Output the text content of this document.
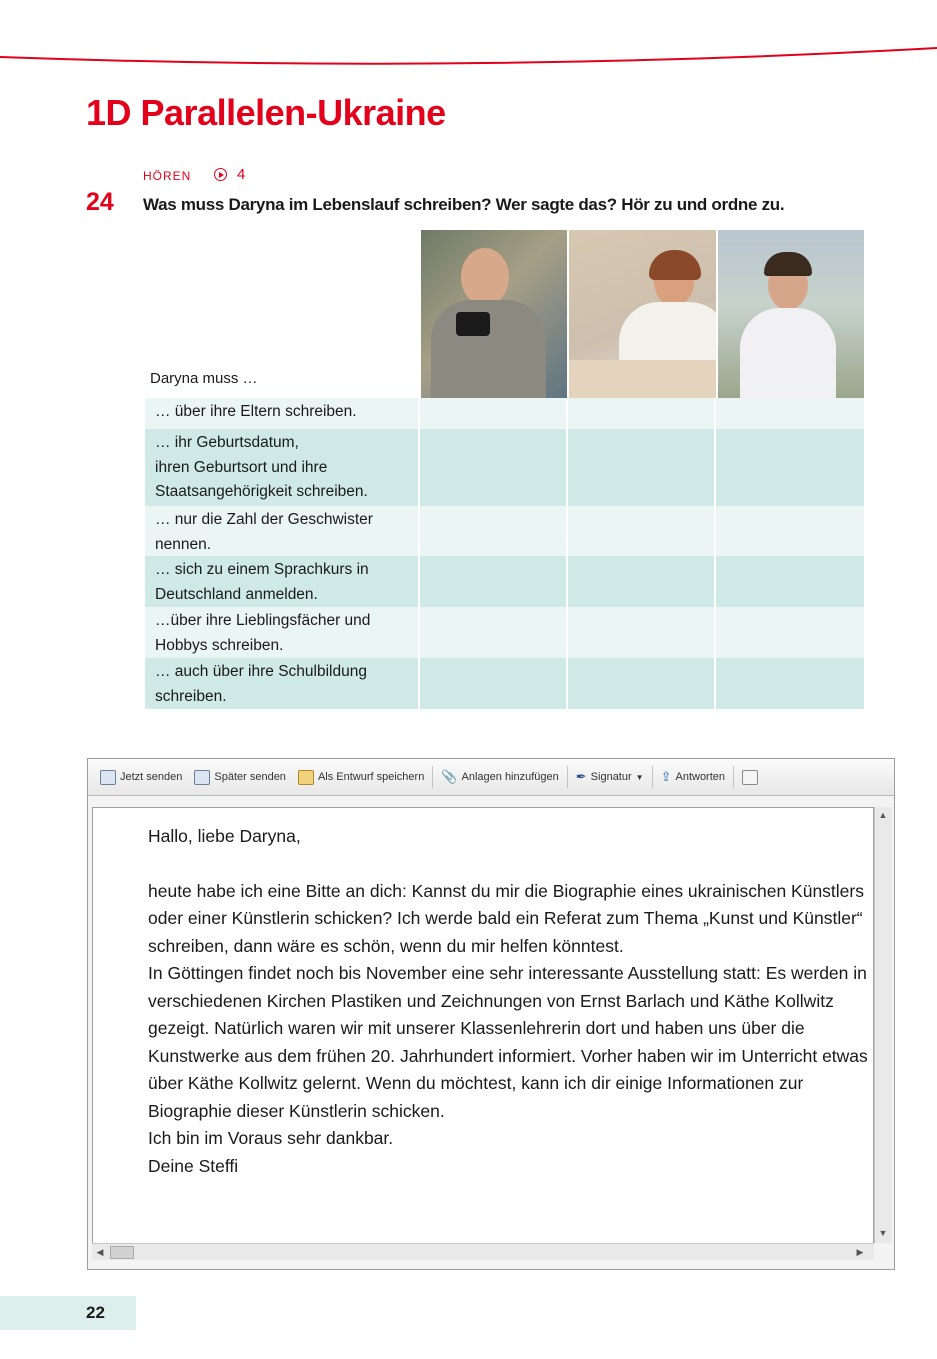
1D Parallelen-Ukraine
HÖREN	4
24 Was muss Daryna im Lebenslauf schreiben? Wer sagte das? Hör zu und ordne zu.
Daryna muss …
… über ihre Eltern schreiben.
… ihr Geburtsdatum,
ihren Geburtsort und ihre Staatsangehörigkeit schreiben.
… nur die Zahl der Geschwister nennen.
… sich zu einem Sprachkurs in Deutschland anmelden.
…über ihre Lieblingsfächer und Hobbys schreiben.
… auch über ihre Schulbildung schreiben.
Jetzt senden	Später senden	Als Entwurf speichern 📎 Anlagen hinzufügen ✒ Signatur ▼ ⇪ Antworten
Hallo, liebe Daryna,
heute habe ich eine Bitte an dich: Kannst du mir die Biographie eines ukrainischen Künstlers oder einer Künstlerin schicken? Ich werde bald ein Referat zum Thema „Kunst und Künstler“ schreiben, dann wäre es schön, wenn du mir helfen könntest.
In Göttingen findet noch bis November eine sehr interessante Ausstellung statt: Es werden in verschiedenen Kirchen Plastiken und Zeichnungen von Ernst Barlach und Käthe Kollwitz gezeigt. Natürlich waren wir mit unserer Klassenlehrerin dort und haben uns über die Kunstwerke aus dem frühen 20. Jahrhundert informiert. Vorher haben wir im Unterricht etwas über Käthe Kollwitz gelernt. Wenn du möchtest, kann ich dir einige Informationen zur Biographie dieser Künstlerin schicken.
Ich bin im Voraus sehr dankbar.
Deine Steffi
▲
▼
◀	▶
22
